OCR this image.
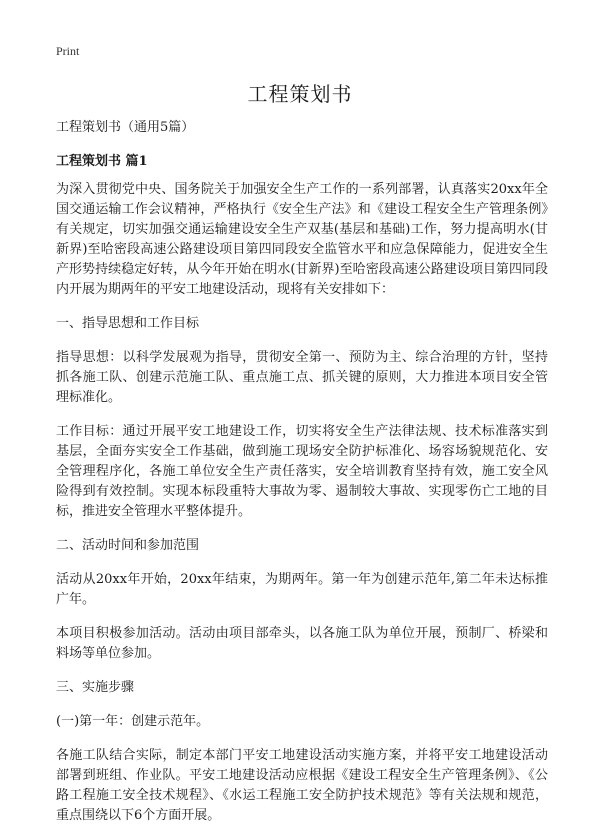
Print
工程策划书

工程策划书（通用5篇）

工程策划书 篇1

为深入贯彻党中央、国务院关于加强安全生产工作的一系列部署，认真落实20xx年全国交通运输工作会议精神，严格执行《安全生产法》和《建设工程安全生产管理条例》有关规定，切实加强交通运输建设安全生产双基(基层和基础)工作，努力提高明水(甘新界)至哈密段高速公路建设项目第四同段安全监管水平和应急保障能力，促进安全生产形势持续稳定好转，从今年开始在明水(甘新界)至哈密段高速公路建设项目第四同段内开展为期两年的平安工地建设活动，现将有关安排如下：

一、指导思想和工作目标

指导思想：以科学发展观为指导，贯彻安全第一、预防为主、综合治理的方针，坚持抓各施工队、创建示范施工队、重点施工点、抓关键的原则，大力推进本项目安全管理标准化。

工作目标：通过开展平安工地建设工作，切实将安全生产法律法规、技术标准落实到基层，全面夯实安全工作基础，做到施工现场安全防护标准化、场容场貌规范化、安全管理程序化，各施工单位安全生产责任落实，安全培训教育坚持有效，施工安全风险得到有效控制。实现本标段重特大事故为零、遏制较大事故、实现零伤亡工地的目标，推进安全管理水平整体提升。

二、活动时间和参加范围

活动从20xx年开始，20xx年结束，为期两年。第一年为创建示范年,第二年未达标推广年。

本项目积极参加活动。活动由项目部牵头，以各施工队为单位开展，预制厂、桥梁和料场等单位参加。

三、实施步骤

(一)第一年：创建示范年。

各施工队结合实际，制定本部门平安工地建设活动实施方案，并将平安工地建设活动部署到班组、作业队。平安工地建设活动应根据《建设工程安全生产管理条例》、《公路工程施工安全技术规程》、《水运工程施工安全防护技术规范》等有关法规和规范，重点围绕以下6个方面开展。
